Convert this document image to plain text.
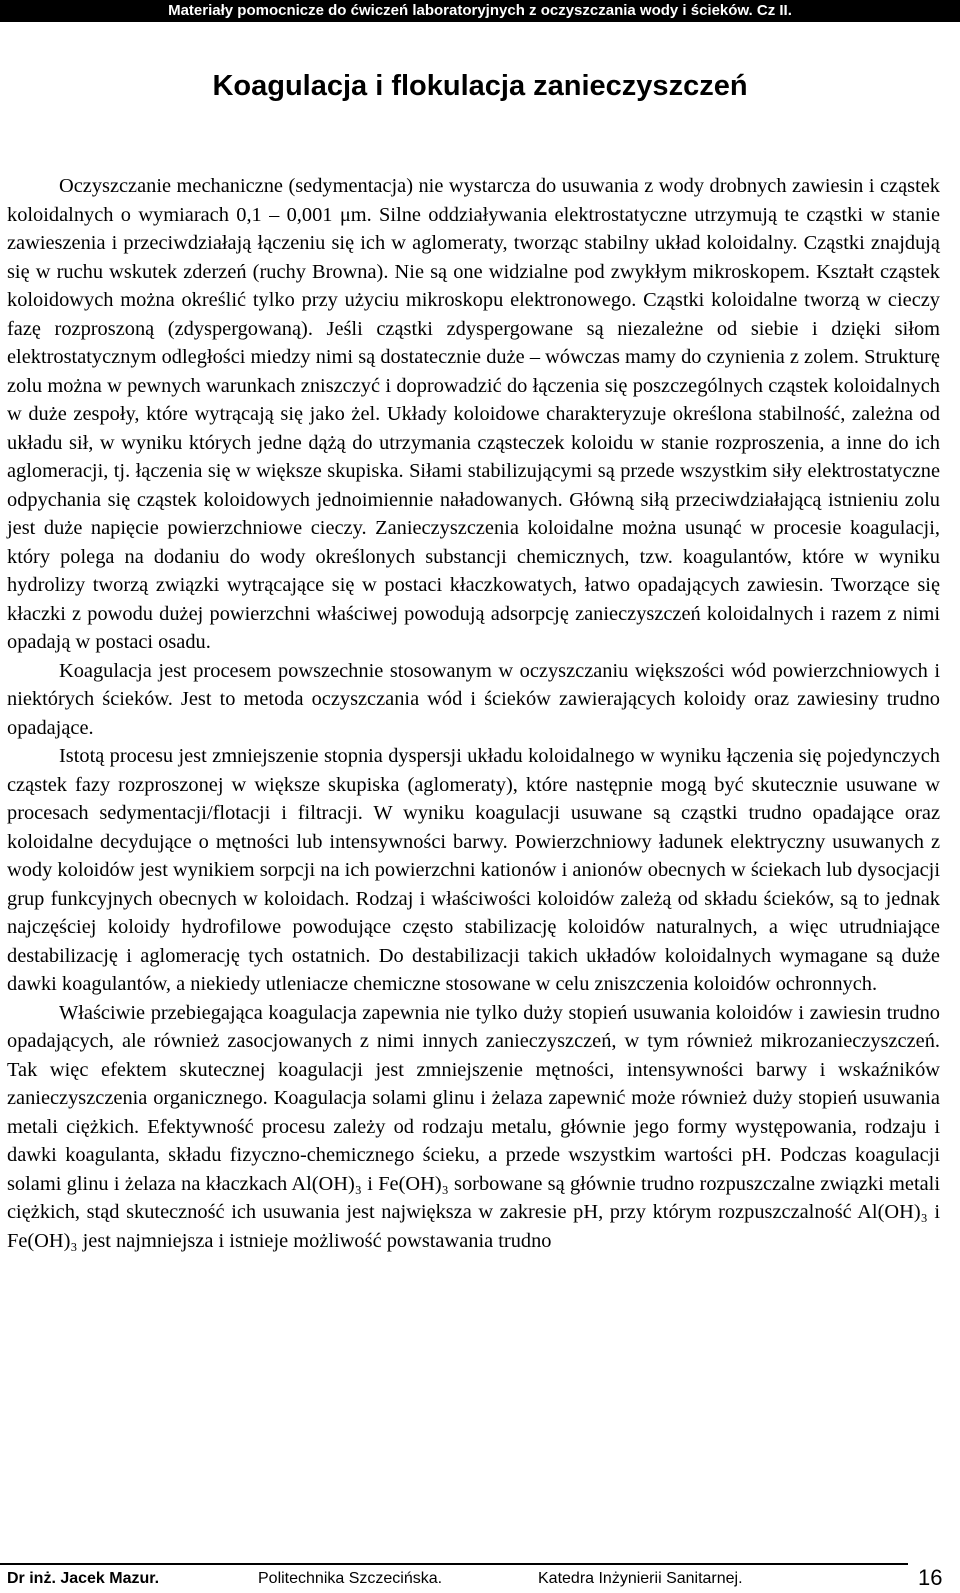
Materiały pomocnicze do ćwiczeń laboratoryjnych z oczyszczania wody i ścieków. Cz II.
Koagulacja i flokulacja zanieczyszczeń

Oczyszczanie mechaniczne (sedymentacja) nie wystarcza do usuwania z wody drobnych zawiesin i cząstek koloidalnych o wymiarach 0,1 – 0,001 μm. Silne oddziaływania elektrostatyczne utrzymują te cząstki w stanie zawieszenia i przeciwdziałają łączeniu się ich w aglomeraty, tworząc stabilny układ koloidalny. Cząstki znajdują się w ruchu wskutek zderzeń (ruchy Browna). Nie są one widzialne pod zwykłym mikroskopem. Kształt cząstek koloidowych można określić tylko przy użyciu mikroskopu elektronowego. Cząstki koloidalne tworzą w cieczy fazę rozproszoną (zdyspergowaną). Jeśli cząstki zdyspergowane są niezależne od siebie i dzięki siłom elektrostatycznym odległości miedzy nimi są dostatecznie duże – wówczas mamy do czynienia z zolem. Strukturę zolu można w pewnych warunkach zniszczyć i doprowadzić do łączenia się poszczególnych cząstek koloidalnych w duże zespoły, które wytrącają się jako żel. Układy koloidowe charakteryzuje określona stabilność, zależna od układu sił, w wyniku których jedne dążą do utrzymania cząsteczek koloidu w stanie rozproszenia, a inne do ich aglomeracji, tj. łączenia się w większe skupiska. Siłami stabilizującymi są przede wszystkim siły elektrostatyczne odpychania się cząstek koloidowych jednoimiennie naładowanych. Główną siłą przeciwdziałającą istnieniu zolu jest duże napięcie powierzchniowe cieczy. Zanieczyszczenia koloidalne można usunąć w procesie koagulacji, który polega na dodaniu do wody określonych substancji chemicznych, tzw. koagulantów, które w wyniku hydrolizy tworzą związki wytrącające się w postaci kłaczkowatych, łatwo opadających zawiesin. Tworzące się kłaczki z powodu dużej powierzchni właściwej powodują adsorpcję zanieczyszczeń koloidalnych i razem z nimi opadają w postaci osadu.

Koagulacja jest procesem powszechnie stosowanym w oczyszczaniu większości wód powierzchniowych i niektórych ścieków. Jest to metoda oczyszczania wód i ścieków zawierających koloidy oraz zawiesiny trudno opadające.

Istotą procesu jest zmniejszenie stopnia dyspersji układu koloidalnego w wyniku łączenia się pojedynczych cząstek fazy rozproszonej w większe skupiska (aglomeraty), które następnie mogą być skutecznie usuwane w procesach sedymentacji/flotacji i filtracji. W wyniku koagulacji usuwane są cząstki trudno opadające oraz koloidalne decydujące o mętności lub intensywności barwy. Powierzchniowy ładunek elektryczny usuwanych z wody koloidów jest wynikiem sorpcji na ich powierzchni kationów i anionów obecnych w ściekach lub dysocjacji grup funkcyjnych obecnych w koloidach. Rodzaj i właściwości koloidów zależą od składu ścieków, są to jednak najczęściej koloidy hydrofilowe powodujące często stabilizację koloidów naturalnych, a więc utrudniające destabilizację i aglomerację tych ostatnich. Do destabilizacji takich układów koloidalnych wymagane są duże dawki koagulantów, a niekiedy utleniacze chemiczne stosowane w celu zniszczenia koloidów ochronnych.

Właściwie przebiegająca koagulacja zapewnia nie tylko duży stopień usuwania koloidów i zawiesin trudno opadających, ale również zasocjowanych z nimi innych zanieczyszczeń, w tym również mikrozanieczyszczeń. Tak więc efektem skutecznej koagulacji jest zmniejszenie mętności, intensywności barwy i wskaźników zanieczyszczenia organicznego. Koagulacja solami glinu i żelaza zapewnić może również duży stopień usuwania metali ciężkich. Efektywność procesu zależy od rodzaju metalu, głównie jego formy występowania, rodzaju i dawki koagulanta, składu fizyczno-chemicznego ścieku, a przede wszystkim wartości pH. Podczas koagulacji solami glinu i żelaza na kłaczkach Al(OH)₃ i Fe(OH)₃ sorbowane są głównie trudno rozpuszczalne związki metali ciężkich, stąd skuteczność ich usuwania jest największa w zakresie pH, przy którym rozpuszczalność Al(OH)₃ i Fe(OH)₃ jest najmniejsza i istnieje możliwość powstawania trudno

Dr inż. Jacek Mazur.	Politechnika Szczecińska.	Katedra Inżynierii Sanitarnej.	16
